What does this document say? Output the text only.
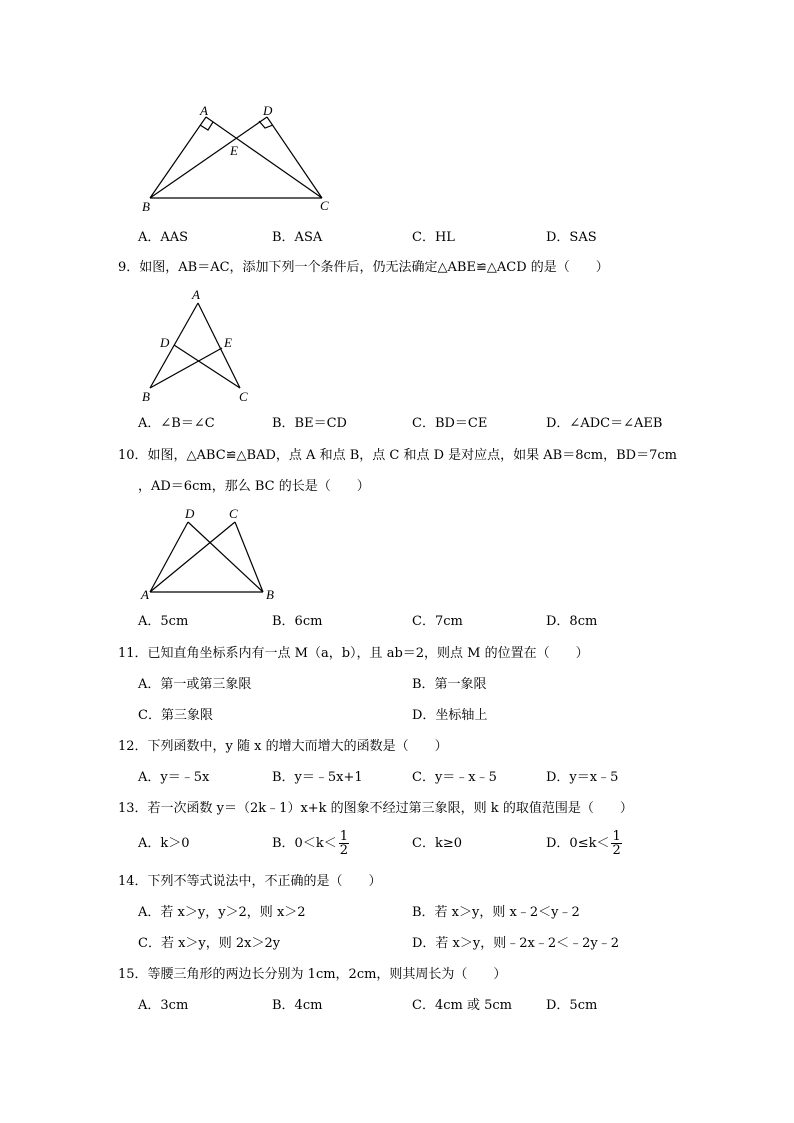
A	D
E
B	C
A．AAS	B．ASA	C．HL	D．SAS
9．如图，AB＝AC，添加下列一个条件后，仍无法确定△ABE≌△ACD 的是（　　）
A
D	E
B	C
A．∠B＝∠C	B．BE＝CD	C．BD＝CE	D．∠ADC＝∠AEB
10．如图，△ABC≌△BAD，点 A 和点 B，点 C 和点 D 是对应点，如果 AB＝8cm，BD＝7cm
，AD＝6cm，那么 BC 的长是（　　）
D	C
A	B
A．5cm	B．6cm	C．7cm	D．8cm
11．已知直角坐标系内有一点 M（a，b），且 ab＝2，则点 M 的位置在（　　）
A．第一或第三象限	B．第一象限
C．第三象限	D．坐标轴上
12．下列函数中，y 随 x 的增大而增大的函数是（　　）
A．y＝﹣5x	B．y＝﹣5x+1	C．y＝﹣x﹣5	D．y＝x﹣5
13．若一次函数 y＝（2k﹣1）x+k 的图象不经过第三象限，则 k 的取值范围是（　　）
A．k＞0	B．$0<k< \frac{1}{2}$	C．k≥0	D．$0\le k< \frac{1}{2}$
14．下列不等式说法中，不正确的是（　　）
A．若 x＞y，y＞2，则 x＞2	B．若 x＞y，则 x﹣2＜y﹣2
C．若 x＞y，则 2x＞2y	D．若 x＞y，则﹣2x﹣2＜﹣2y﹣2
15．等腰三角形的两边长分别为 1cm，2cm，则其周长为（　　）
A．3cm	B．4cm	C．4cm 或 5cm	D．5cm
